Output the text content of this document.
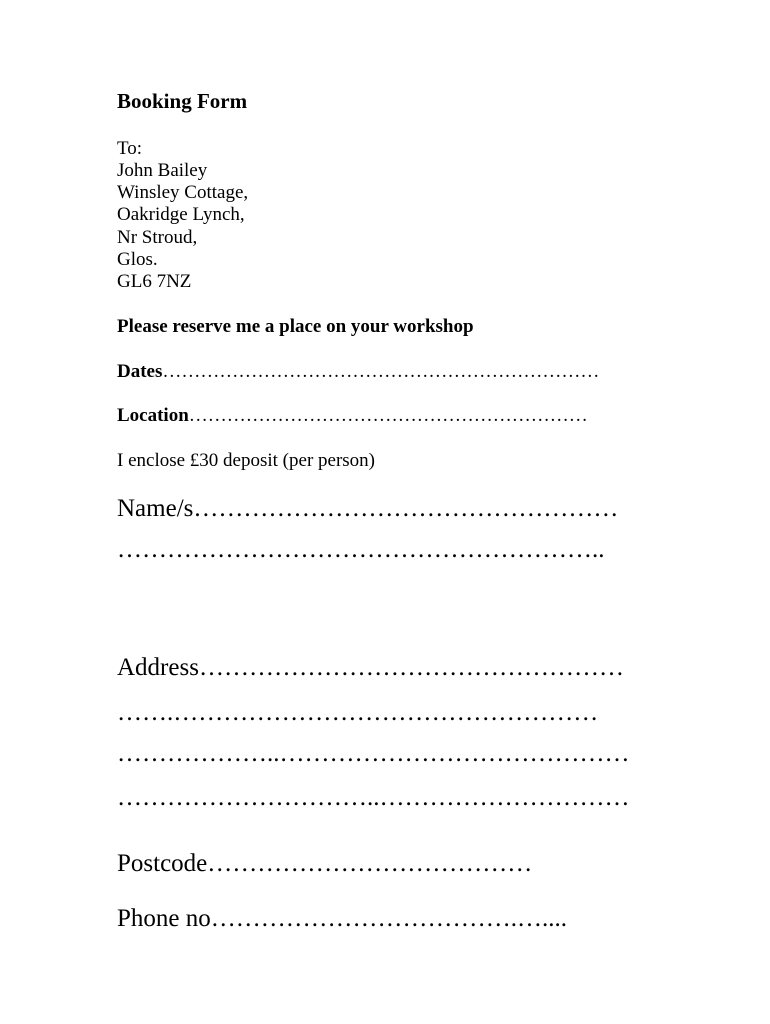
Booking Form
To:
John Bailey
Winsley Cottage,
Oakridge Lynch,
Nr Stroud,
Glos.
GL6 7NZ
Please reserve me a place on your workshop
Dates……………………………………………………………
Location………………………………………………………
I enclose £30 deposit (per person)
Name/s……………………………………………
…………………………………………………..
Address……………………………………………
…….……………………………………………
………………..……………………………………
…………………………..…………………………
Postcode…………………………………
Phone no……………………………….…....
